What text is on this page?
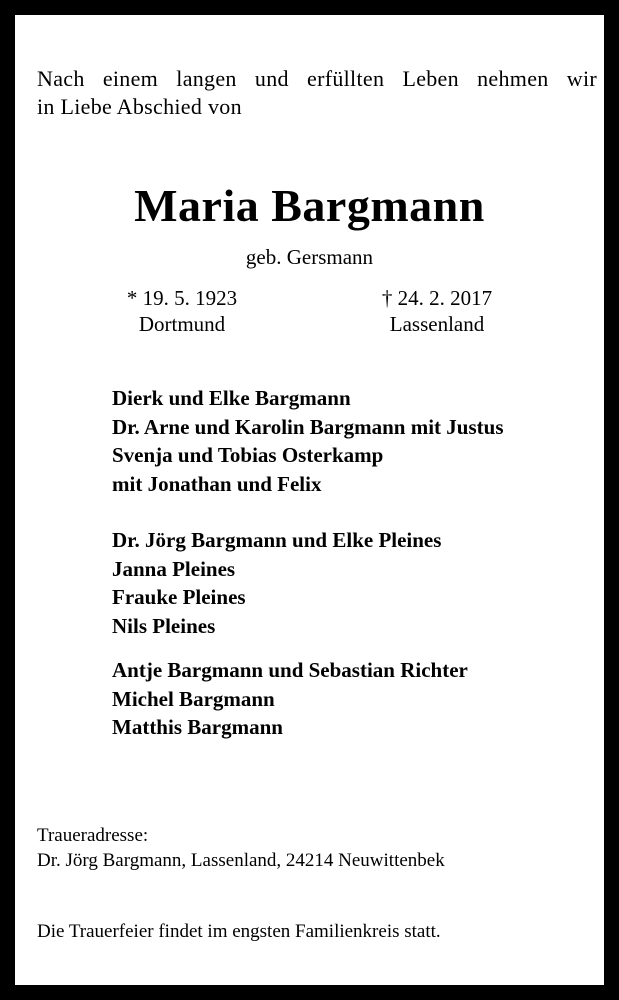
Nach einem langen und erfüllten Leben nehmen wir
in Liebe Abschied von
Maria Bargmann
geb. Gersmann
* 19. 5. 1923
Dortmund
† 24. 2. 2017
Lassenland
Dierk und Elke Bargmann
Dr. Arne und Karolin Bargmann mit Justus
Svenja und Tobias Osterkamp
mit Jonathan und Felix
Dr. Jörg Bargmann und Elke Pleines
Janna Pleines
Frauke Pleines
Nils Pleines
Antje Bargmann und Sebastian Richter
Michel Bargmann
Matthis Bargmann
Traueradresse:
Dr. Jörg Bargmann, Lassenland, 24214 Neuwittenbek
Die Trauerfeier findet im engsten Familienkreis statt.
